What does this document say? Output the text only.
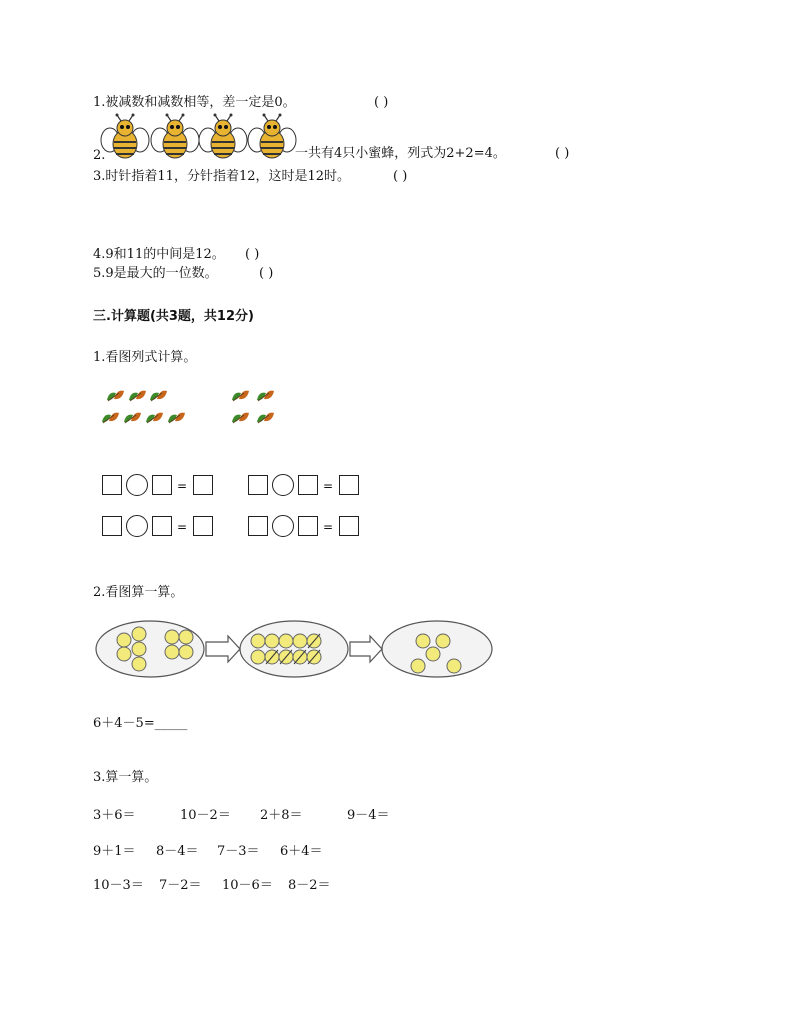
1.被减数和减数相等，差一定是0。	( )
2.	一共有4只小蜜蜂，列式为2+2=4。	( )
3.时针指着11，分针指着12，这时是12时。	( )
4.9和11的中间是12。 ( )
5.9是最大的一位数。	( )
三.计算题(共3题，共12分)
1.看图列式计算。
=	=
=	=
2.看图算一算。
6＋4－5=_____
3.算一算。
3＋6＝	10－2＝ 2＋8＝	9－4＝
9＋1＝ 8－4＝ 7－3＝ 6＋4＝
10－3＝ 7－2＝ 10－6＝ 8－2＝
